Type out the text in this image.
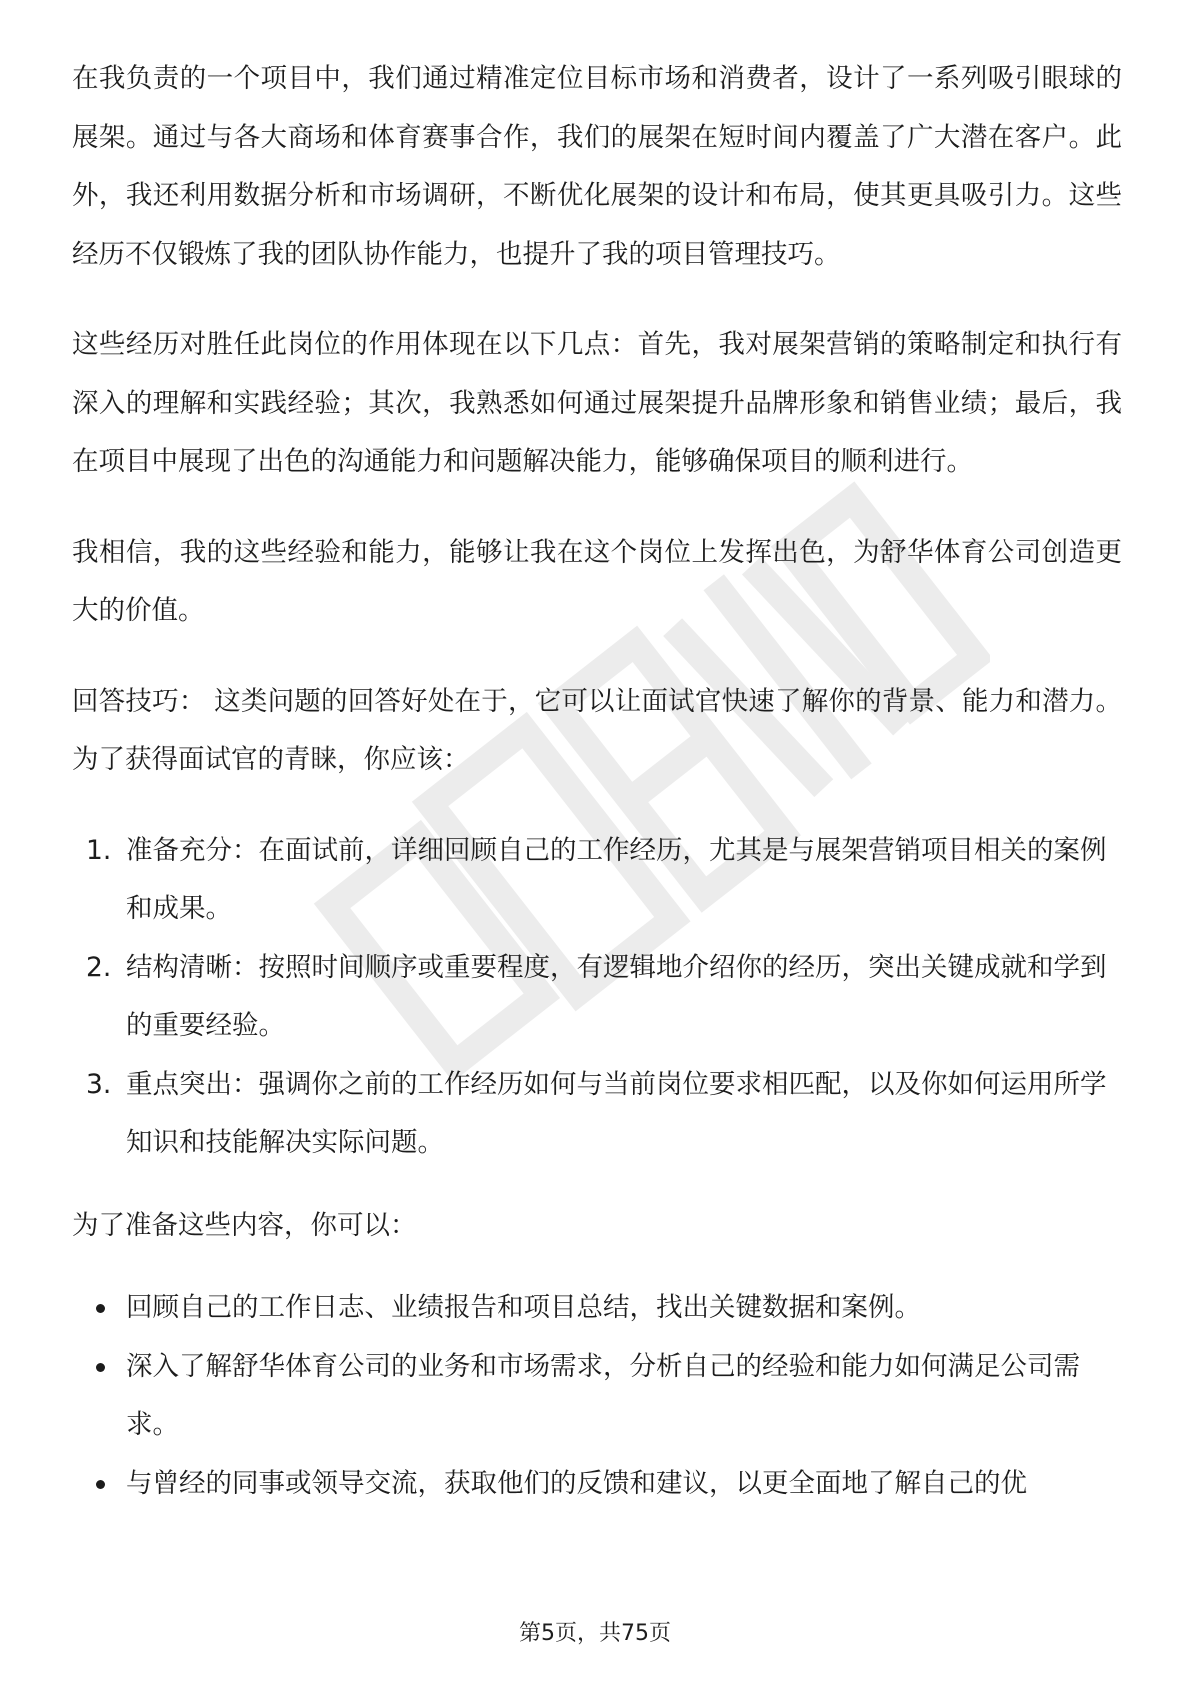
在我负责的一个项目中，我们通过精准定位目标市场和消费者，设计了一系列吸引眼球的展架。通过与各大商场和体育赛事合作，我们的展架在短时间内覆盖了广大潜在客户。此外，我还利用数据分析和市场调研，不断优化展架的设计和布局，使其更具吸引力。这些经历不仅锻炼了我的团队协作能力，也提升了我的项目管理技巧。

这些经历对胜任此岗位的作用体现在以下几点：首先，我对展架营销的策略制定和执行有深入的理解和实践经验；其次，我熟悉如何通过展架提升品牌形象和销售业绩；最后，我在项目中展现了出色的沟通能力和问题解决能力，能够确保项目的顺利进行。

我相信，我的这些经验和能力，能够让我在这个岗位上发挥出色，为舒华体育公司创造更大的价值。

回答技巧： 这类问题的回答好处在于，它可以让面试官快速了解你的背景、能力和潜力。为了获得面试官的青睐，你应该：

1. 准备充分：在面试前，详细回顾自己的工作经历，尤其是与展架营销项目相关的案例和成果。
2. 结构清晰：按照时间顺序或重要程度，有逻辑地介绍你的经历，突出关键成就和学到的重要经验。
3. 重点突出：强调你之前的工作经历如何与当前岗位要求相匹配，以及你如何运用所学知识和技能解决实际问题。

为了准备这些内容，你可以：

回顾自己的工作日志、业绩报告和项目总结，找出关键数据和案例。
深入了解舒华体育公司的业务和市场需求，分析自己的经验和能力如何满足公司需求。
与曾经的同事或领导交流，获取他们的反馈和建议，以更全面地了解自己的优
第5页，共75页
